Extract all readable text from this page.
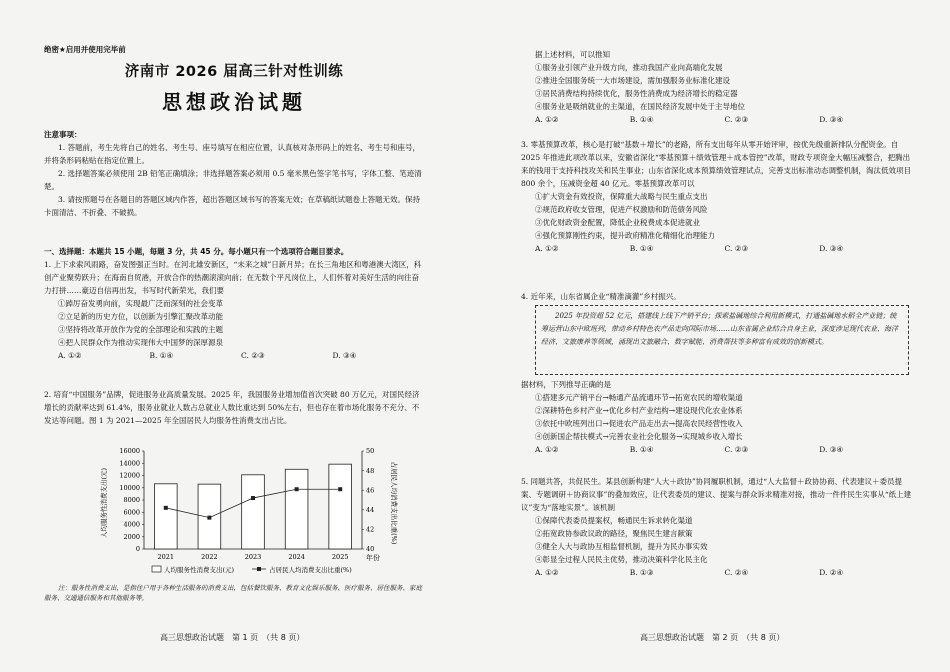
绝密★启用并使用完毕前
济南市 2026 届高三针对性训练
思想政治试题

注意事项：

1. 答题前，考生先将自己的姓名、考生号、座号填写在相应位置，认真核对条形码上的姓名、考生号和座号，并将条形码粘贴在指定位置上。

2. 选择题答案必须使用 2B 铅笔正确填涂；非选择题答案必须用 0.5 毫米黑色签字笔书写，字体工整、笔迹清楚。

3. 请按照题号在各题目的答题区域内作答，超出答题区域书写的答案无效；在草稿纸试题卷上答题无效。保持卡面清洁、不折叠、不破损。

一、选择题：本题共 15 小题，每题 3 分，共 45 分。每小题只有一个选项符合题目要求。

1. 上下求索风雨路，奋发图强正当时。在河北雄安新区，“未来之城”日新月异；在长三角地区和粤港澳大湾区，科创产业聚势跃升；在海南自贸港，开放合作的热潮滚滚向前；在无数个平凡岗位上，人们怀着对美好生活的向往奋力打拼……豪迈自信再出发，书写时代新荣光，我们要

①踔厉奋发勇向前，实现最广泛而深刻的社会变革

②立足新的历史方位，以创新为引擎汇聚改革动能

③坚持将改革开放作为党的全部理论和实践的主题

④把人民群众作为推动实现伟大中国梦的深厚源泉

A. ①②	B. ①④	C. ②③	D. ③④

2. 培育“中国服务”品牌，促进服务业高质量发展。2025 年，我国服务业增加值首次突破 80 万亿元，对国民经济增长的贡献率达到 61.4%，服务业就业人数占总就业人数比重达到 50%左右，但也存在着市场化服务不充分、不发达等问题。图 1 为 2021—2025 年全国居民人均服务性消费支出占比。

0
2000
4000
6000
8000
10000
12000
14000
16000
40
42
44
46
48
50
2021	2022	2023	2024	2025	年份
人均服务性消费支出(元)	占居民人均消费支出比重(%)
人均服务性消费支出(元)	占居民人均消费支出比重(%)

注：服务性消费支出，是指住户用于各种生活服务的消费支出，包括餐饮服务、教育文化娱乐服务、医疗服务、居住服务、家庭服务、交通通信服务和其他服务等。

据上述材料，可以推知

①服务业引领产业升级方向，推动我国产业向高端化发展

②推进全国服务统一大市场建设，需加强服务业标准化建设

③居民消费结构持续优化，服务性消费成为经济增长的稳定器

④服务业是吸纳就业的主渠道，在国民经济发展中处于主导地位

A. ①②	B. ①④	C. ②③	D. ③④

3. 零基预算改革，核心是打破“基数＋增长”的老路，所有支出每年从零开始评审，按优先级重新排队分配资金。自 2025 年推进此项改革以来，安徽省深化“零基预算＋绩效管理＋成本管控”改革，财政专项资金大幅压减整合，把腾出来的钱用于支持科技攻关和民生事业；山东省深化成本预算绩效管理试点，完善支出标准动态调整机制，淘汰低效项目 800 余个，压减资金超 40 亿元。零基预算改革可以

①扩大资金有效投资，保障重大战略与民生重点支出

②规范政府收支管理，促进产权激励和防范债务风险

③优化财政资金配置，降低企业税费成本促进就业

④强化预算刚性约束，提升政府精准化精细化治理能力

A. ①②	B. ①④	C. ②③	D. ③④

4. 近年来，山东省属企业“精准滴灌”乡村振兴。

2025 年投资超 52 亿元，搭建线上线下产销平台；探索盐碱地综合利用新模式，打通盐碱地水稻全产业链；统筹运营山东中欧班列，带动乡村特色农产品走向国际市场……山东省属企业结合自身主业，深度涉足现代农业、海洋经济、文旅康养等领域，涌现出文旅融合、数字赋能、消费帮扶等多种富有成效的创新模式。

据材料，下列推导正确的是

①搭建多元产销平台→畅通产品流通环节→拓宽农民的增收渠道

②深耕特色乡村产业→优化乡村产业结构→建设现代化农业体系

③依托中欧班列出口→促进农产品走出去→提高农民经营性收入

④创新国企帮扶模式→完善农业社会化服务→实现城乡收入增长

A. ①②	B. ①④	C. ②③	D. ③④

5. 同题共答，共促民生。某县创新构建“人大＋政协”协同履职机制，通过“人大监督＋政协协商、代表建议＋委员提案、专题调研＋协商议事”的叠加效应，让代表委员的建议、提案与群众诉求精准对接，推动一件件民生实事从“纸上建议”变为“落地实景”。该机制

①保障代表委员提案权，畅通民生诉求转化渠道

②拓宽政协参政议政的路径，聚焦民生建言献策

③健全人大与政协互相监督机制，提升为民办事实效

④彰显全过程人民民主优势，推动决策科学化民主化

A. ①②	B. ①③	C. ②④	D. ②④
高三思想政治试题　第 1 页　（共 8 页）	高三思想政治试题　第 2 页　（共 8 页）
